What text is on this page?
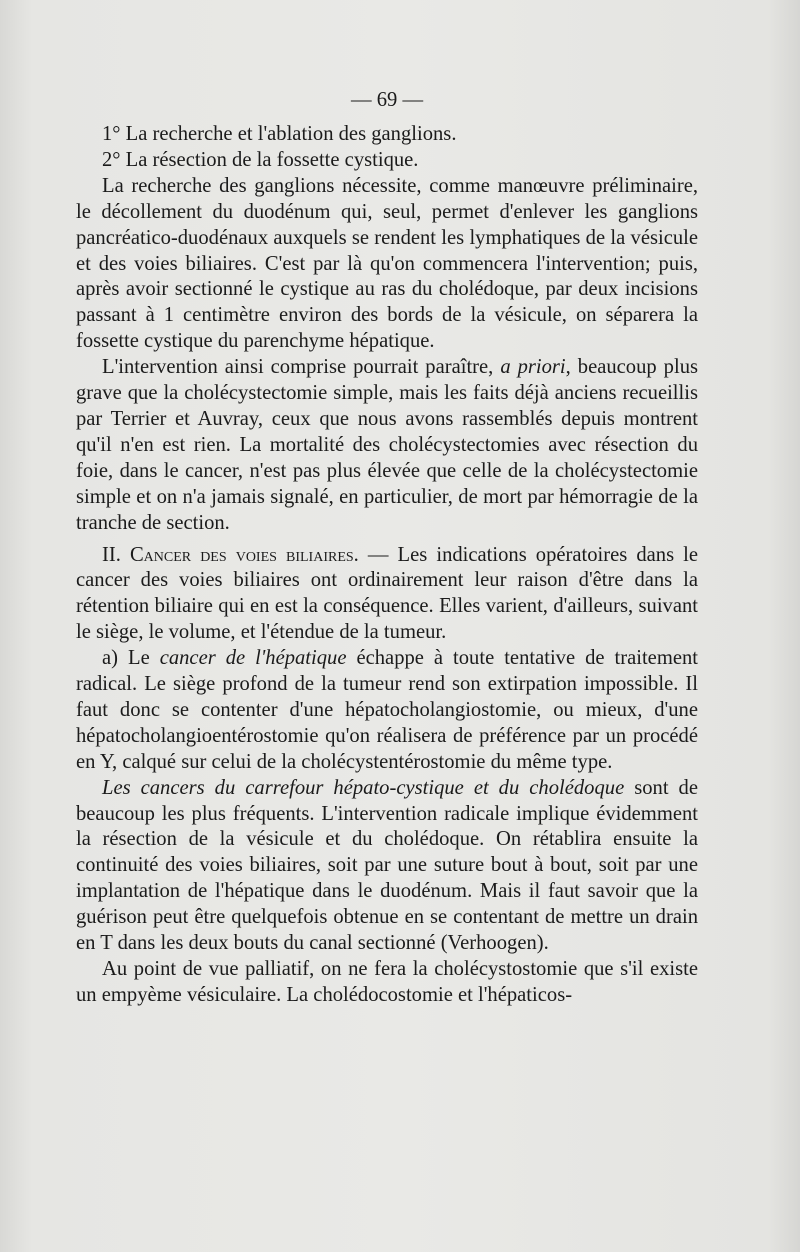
— 69 —

1° La recherche et l'ablation des ganglions.

2° La résection de la fossette cystique.

La recherche des ganglions nécessite, comme manœuvre préliminaire, le décollement du duodénum qui, seul, permet d'enlever les ganglions pancréatico-duodénaux auxquels se rendent les lymphatiques de la vésicule et des voies biliaires. C'est par là qu'on commencera l'intervention; puis, après avoir sectionné le cystique au ras du cholédoque, par deux incisions passant à 1 centimètre environ des bords de la vésicule, on séparera la fossette cystique du parenchyme hépatique.

L'intervention ainsi comprise pourrait paraître, a priori, beaucoup plus grave que la cholécystectomie simple, mais les faits déjà anciens recueillis par Terrier et Auvray, ceux que nous avons rassemblés depuis montrent qu'il n'en est rien. La mortalité des cholécystectomies avec résection du foie, dans le cancer, n'est pas plus élevée que celle de la cholécystectomie simple et on n'a jamais signalé, en particulier, de mort par hémorragie de la tranche de section.

II. Cancer des voies biliaires. — Les indications opératoires dans le cancer des voies biliaires ont ordinairement leur raison d'être dans la rétention biliaire qui en est la conséquence. Elles varient, d'ailleurs, suivant le siège, le volume, et l'étendue de la tumeur.

a) Le cancer de l'hépatique échappe à toute tentative de traitement radical. Le siège profond de la tumeur rend son extirpation impossible. Il faut donc se contenter d'une hépatocholangiostomie, ou mieux, d'une hépatocholangioentérostomie qu'on réalisera de préférence par un procédé en Y, calqué sur celui de la cholécystentérostomie du même type.

Les cancers du carrefour hépato-cystique et du cholédoque sont de beaucoup les plus fréquents. L'intervention radicale implique évidemment la résection de la vésicule et du cholédoque. On rétablira ensuite la continuité des voies biliaires, soit par une suture bout à bout, soit par une implantation de l'hépatique dans le duodénum. Mais il faut savoir que la guérison peut être quelquefois obtenue en se contentant de mettre un drain en T dans les deux bouts du canal sectionné (Verhoogen).

Au point de vue palliatif, on ne fera la cholécystostomie que s'il existe un empyème vésiculaire. La cholédocostomie et l'hépaticos-
